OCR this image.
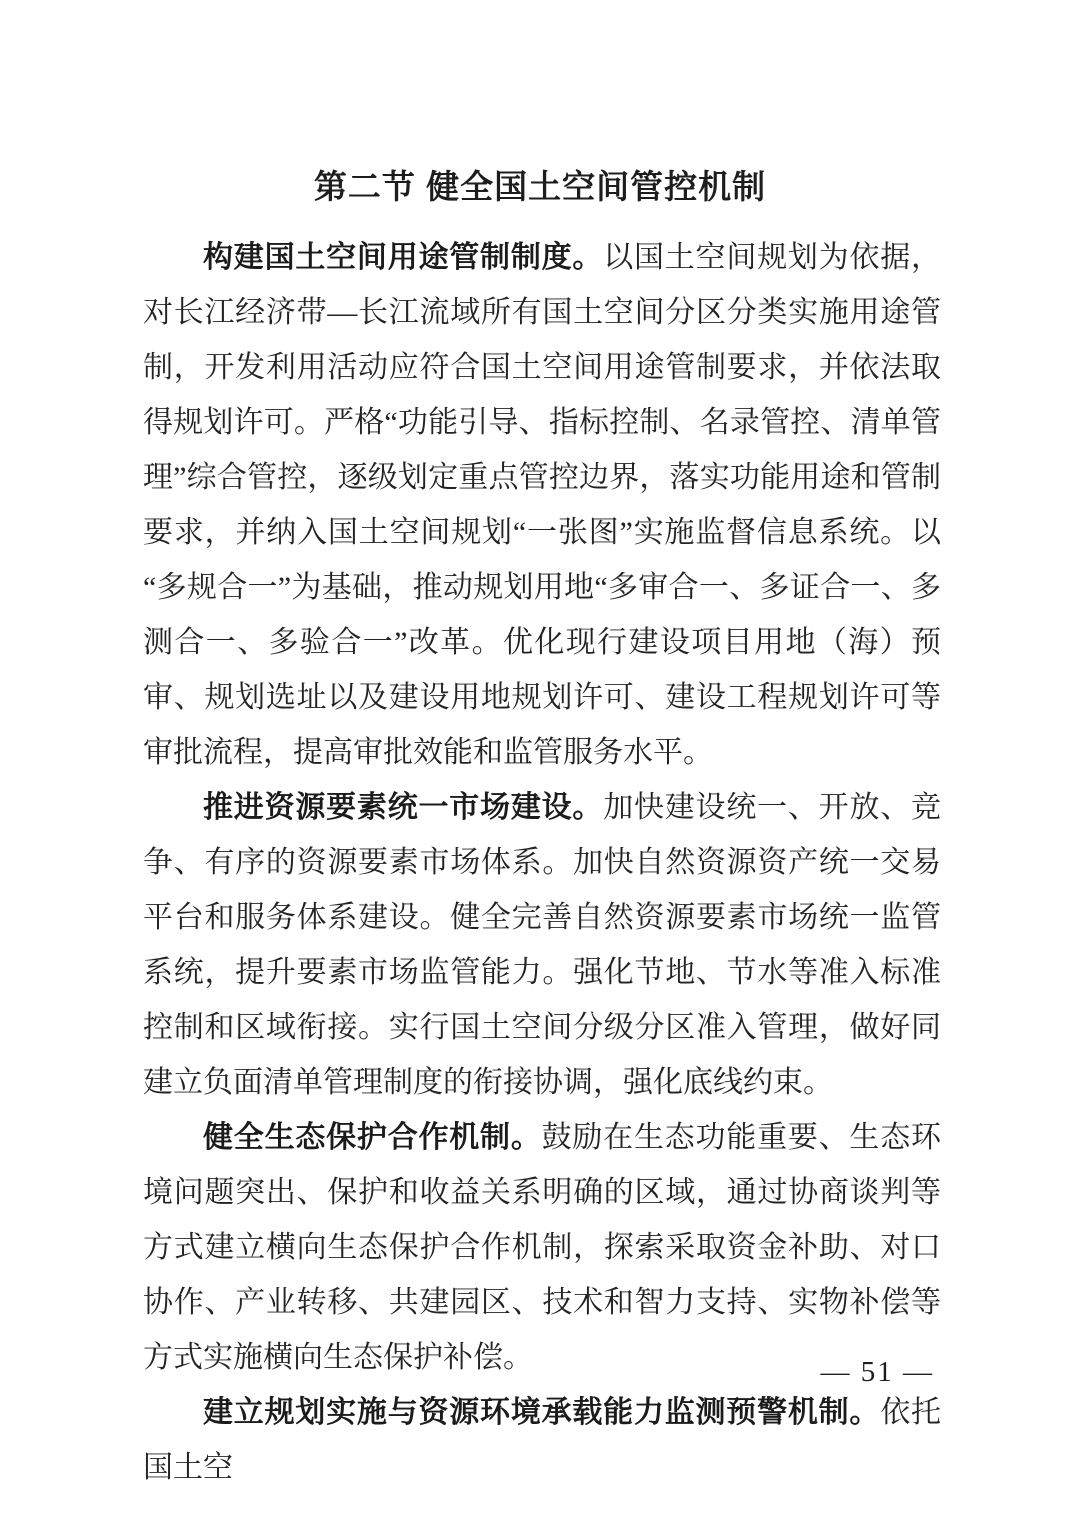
第二节 健全国土空间管控机制

构建国土空间用途管制制度。以国土空间规划为依据，对长江经济带—长江流域所有国土空间分区分类实施用途管制，开发利用活动应符合国土空间用途管制要求，并依法取得规划许可。严格“功能引导、指标控制、名录管控、清单管理”综合管控，逐级划定重点管控边界，落实功能用途和管制要求，并纳入国土空间规划“一张图”实施监督信息系统。以“多规合一”为基础，推动规划用地“多审合一、多证合一、多测合一、多验合一”改革。优化现行建设项目用地（海）预审、规划选址以及建设用地规划许可、建设工程规划许可等审批流程，提高审批效能和监管服务水平。

推进资源要素统一市场建设。加快建设统一、开放、竞争、有序的资源要素市场体系。加快自然资源资产统一交易平台和服务体系建设。健全完善自然资源要素市场统一监管系统，提升要素市场监管能力。强化节地、节水等准入标准控制和区域衔接。实行国土空间分级分区准入管理，做好同建立负面清单管理制度的衔接协调，强化底线约束。

健全生态保护合作机制。鼓励在生态功能重要、生态环境问题突出、保护和收益关系明确的区域，通过协商谈判等方式建立横向生态保护合作机制，探索采取资金补助、对口协作、产业转移、共建园区、技术和智力支持、实物补偿等方式实施横向生态保护补偿。

建立规划实施与资源环境承载能力监测预警机制。依托国土空

— 51 —
